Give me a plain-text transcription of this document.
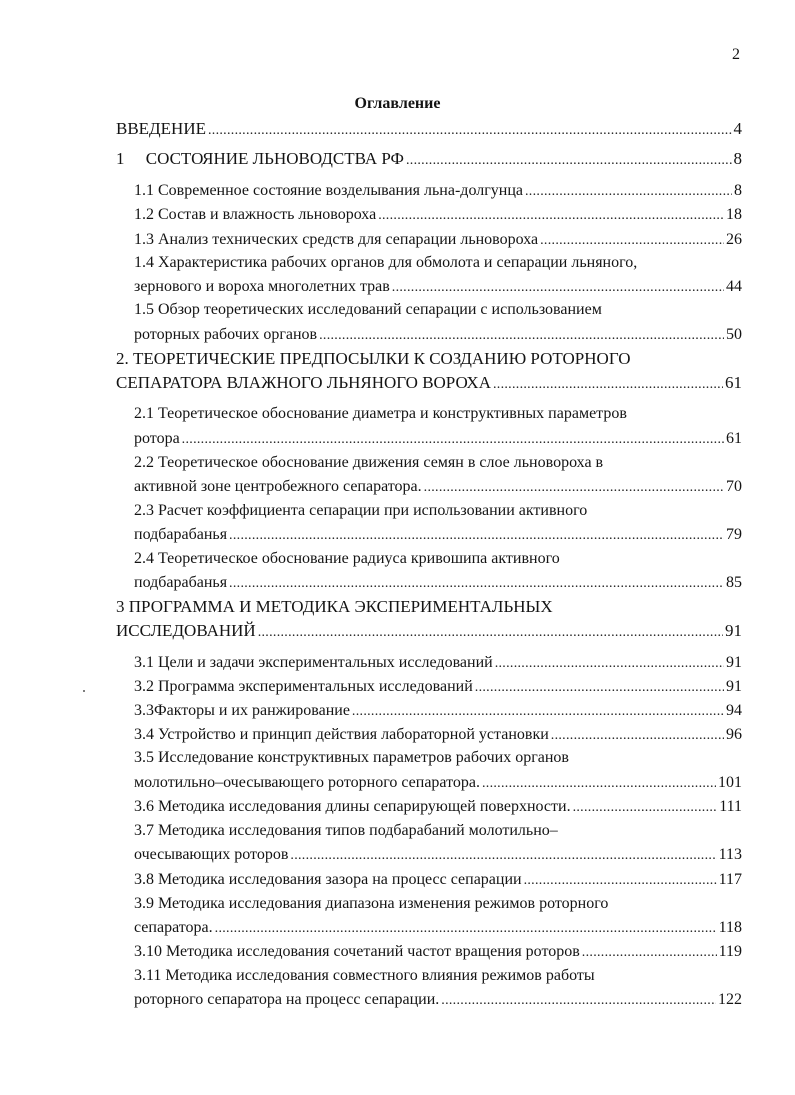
2
Оглавление
ВВЕДЕНИЕ . . .	4
1     СОСТОЯНИЕ ЛЬНОВОДСТВА РФ . . .	8
1.1 Современное состояние возделывания льна-долгунца . . .	8
1.2 Состав и влажность льновороха . . .	18
1.3 Анализ технических средств для сепарации льновороха . . .	26
1.4 Характеристика рабочих органов для обмолота и сепарации льняного,
зернового и вороха многолетних трав . . .	44
1.5 Обзор теоретических исследований сепарации с использованием
роторных рабочих органов . . .	50
2. ТЕОРЕТИЧЕСКИЕ ПРЕДПОСЫЛКИ К СОЗДАНИЮ РОТОРНОГО
СЕПАРАТОРА ВЛАЖНОГО ЛЬНЯНОГО ВОРОХА . . .	61
2.1 Теоретическое обоснование диаметра и конструктивных параметров
ротора . . .	61
2.2 Теоретическое обоснование движения семян в слое льновороха в
активной зоне центробежного сепаратора. . . .	70
2.3 Расчет коэффициента сепарации при использовании активного
подбарабанья . . .	79
2.4 Теоретическое обоснование радиуса кривошипа активного
подбарабанья . . .	85
3 ПРОГРАММА И МЕТОДИКА ЭКСПЕРИМЕНТАЛЬНЫХ
ИССЛЕДОВАНИЙ . . .	91
3.1 Цели и задачи экспериментальных исследований . . .	91
3.2 Программа экспериментальных исследований . . .	91
3.3Факторы и их ранжирование . . .	94
3.4 Устройство и принцип действия лабораторной установки . . .	96
3.5 Исследование конструктивных параметров рабочих органов
молотильно–очесывающего роторного сепаратора. . . .	101
3.6 Методика исследования длины сепарирующей поверхности. . . .	111
3.7 Методика исследования типов подбарабаний молотильно–
очесывающих роторов . . .	113
3.8 Методика исследования зазора на процесс сепарации . . .	117
3.9 Методика исследования диапазона изменения режимов роторного
сепаратора. . . .	118
3.10 Методика исследования сочетаний частот вращения роторов . . .	119
3.11 Методика исследования совместного влияния режимов работы
роторного сепаратора на процесс сепарации. . . .	122
